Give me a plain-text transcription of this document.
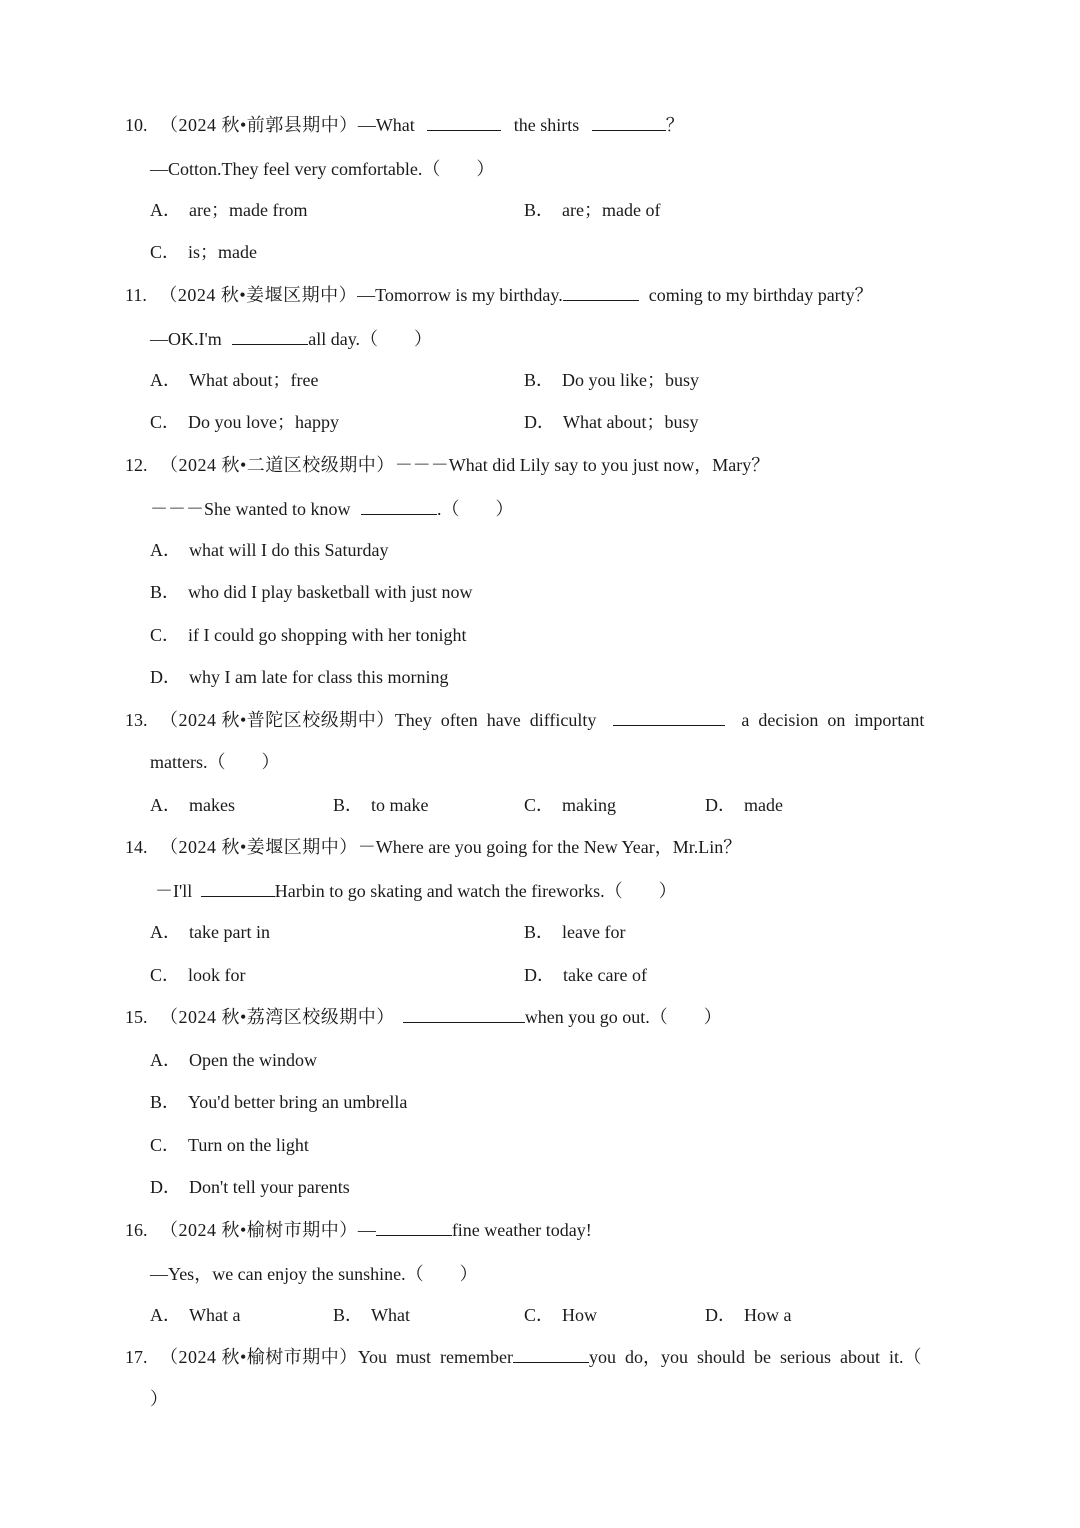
10. （2024 秋•前郭县期中）—What	the shirts	？
—Cotton.They feel very comfortable.（　　）
A． are；made from	B． are；made of
C． is；made
11. （2024 秋•姜堰区期中）—Tomorrow is my birthday.	coming to my birthday party？
—OK.I'm	all day.（　　）
A． What about；free	B． Do you like；busy
C． Do you love；happy	D． What about；busy
12. （2024 秋•二道区校级期中）－－－What did Lily say to you just now，Mary？
－－－She wanted to know	.（　　）
A． what will I do this Saturday
B． who did I play basketball with just now
C． if I could go shopping with her tonight
D． why I am late for class this morning
13. （2024 秋•普陀区校级期中）They  often  have  difficulty	a  decision  on  important
matters.（　　）
A． makes	B． to make	C． making	D． made
14. （2024 秋•姜堰区期中）－Where are you going for the New Year，Mr.Lin？
－I'll	Harbin to go skating and watch the fireworks.（　　）
A． take part in	B． leave for
C． look for	D． take care of
15. （2024 秋•荔湾区校级期中）	when you go out.（　　）
A． Open the window
B． You'd better bring an umbrella
C． Turn on the light
D． Don't tell your parents
16. （2024 秋•榆树市期中）—	fine weather today!
—Yes，we can enjoy the sunshine.（　　）
A． What a	B． What	C． How	D． How a
17. （2024 秋•榆树市期中）You  must  remember	you  do，you  should  be  serious  about  it.（
）
